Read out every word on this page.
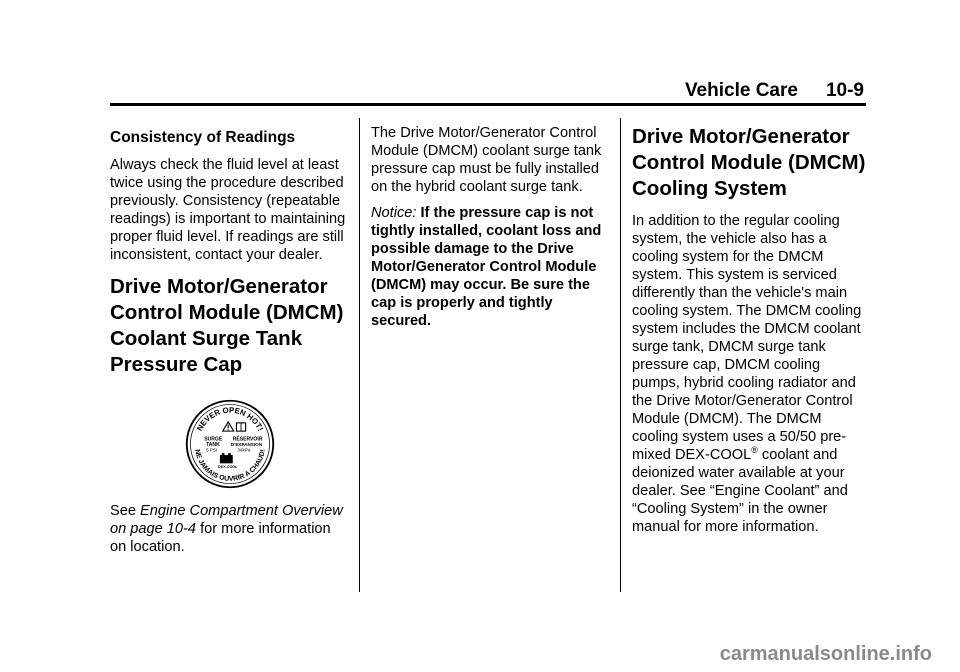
Vehicle Care 10-9
Consistency of Readings

Always check the fluid level at least twice using the procedure described previously. Consistency (repeatable readings) is important to maintaining proper fluid level. If readings are still inconsistent, contact your dealer.

Drive Motor/Generator Control Module (DMCM) Coolant Surge Tank Pressure Cap
NEVER OPEN HOT!
NE JAMAIS OUVRIR A CHAUD!
SURGE
TANK
5 PSI
RÉSERVOIR
D'EXPANSION
34kPa
DEX-COOL

See Engine Compartment Overview on page 10-4 for more information on location.

The Drive Motor/Generator Control Module (DMCM) coolant surge tank pressure cap must be fully installed on the hybrid coolant surge tank.

Notice: If the pressure cap is not tightly installed, coolant loss and possible damage to the Drive Motor/Generator Control Module (DMCM) may occur. Be sure the cap is properly and tightly secured.

Drive Motor/Generator Control Module (DMCM) Cooling System

In addition to the regular cooling system, the vehicle also has a cooling system for the DMCM system. This system is serviced differently than the vehicle's main cooling system. The DMCM cooling system includes the DMCM coolant surge tank, DMCM surge tank pressure cap, DMCM cooling pumps, hybrid cooling radiator and the Drive Motor/Generator Control Module (DMCM). The DMCM cooling system uses a 50/50 pre-mixed DEX-COOL® coolant and deionized water available at your dealer. See “Engine Coolant” and “Cooling System” in the owner manual for more information.

carmanualsonline.info
